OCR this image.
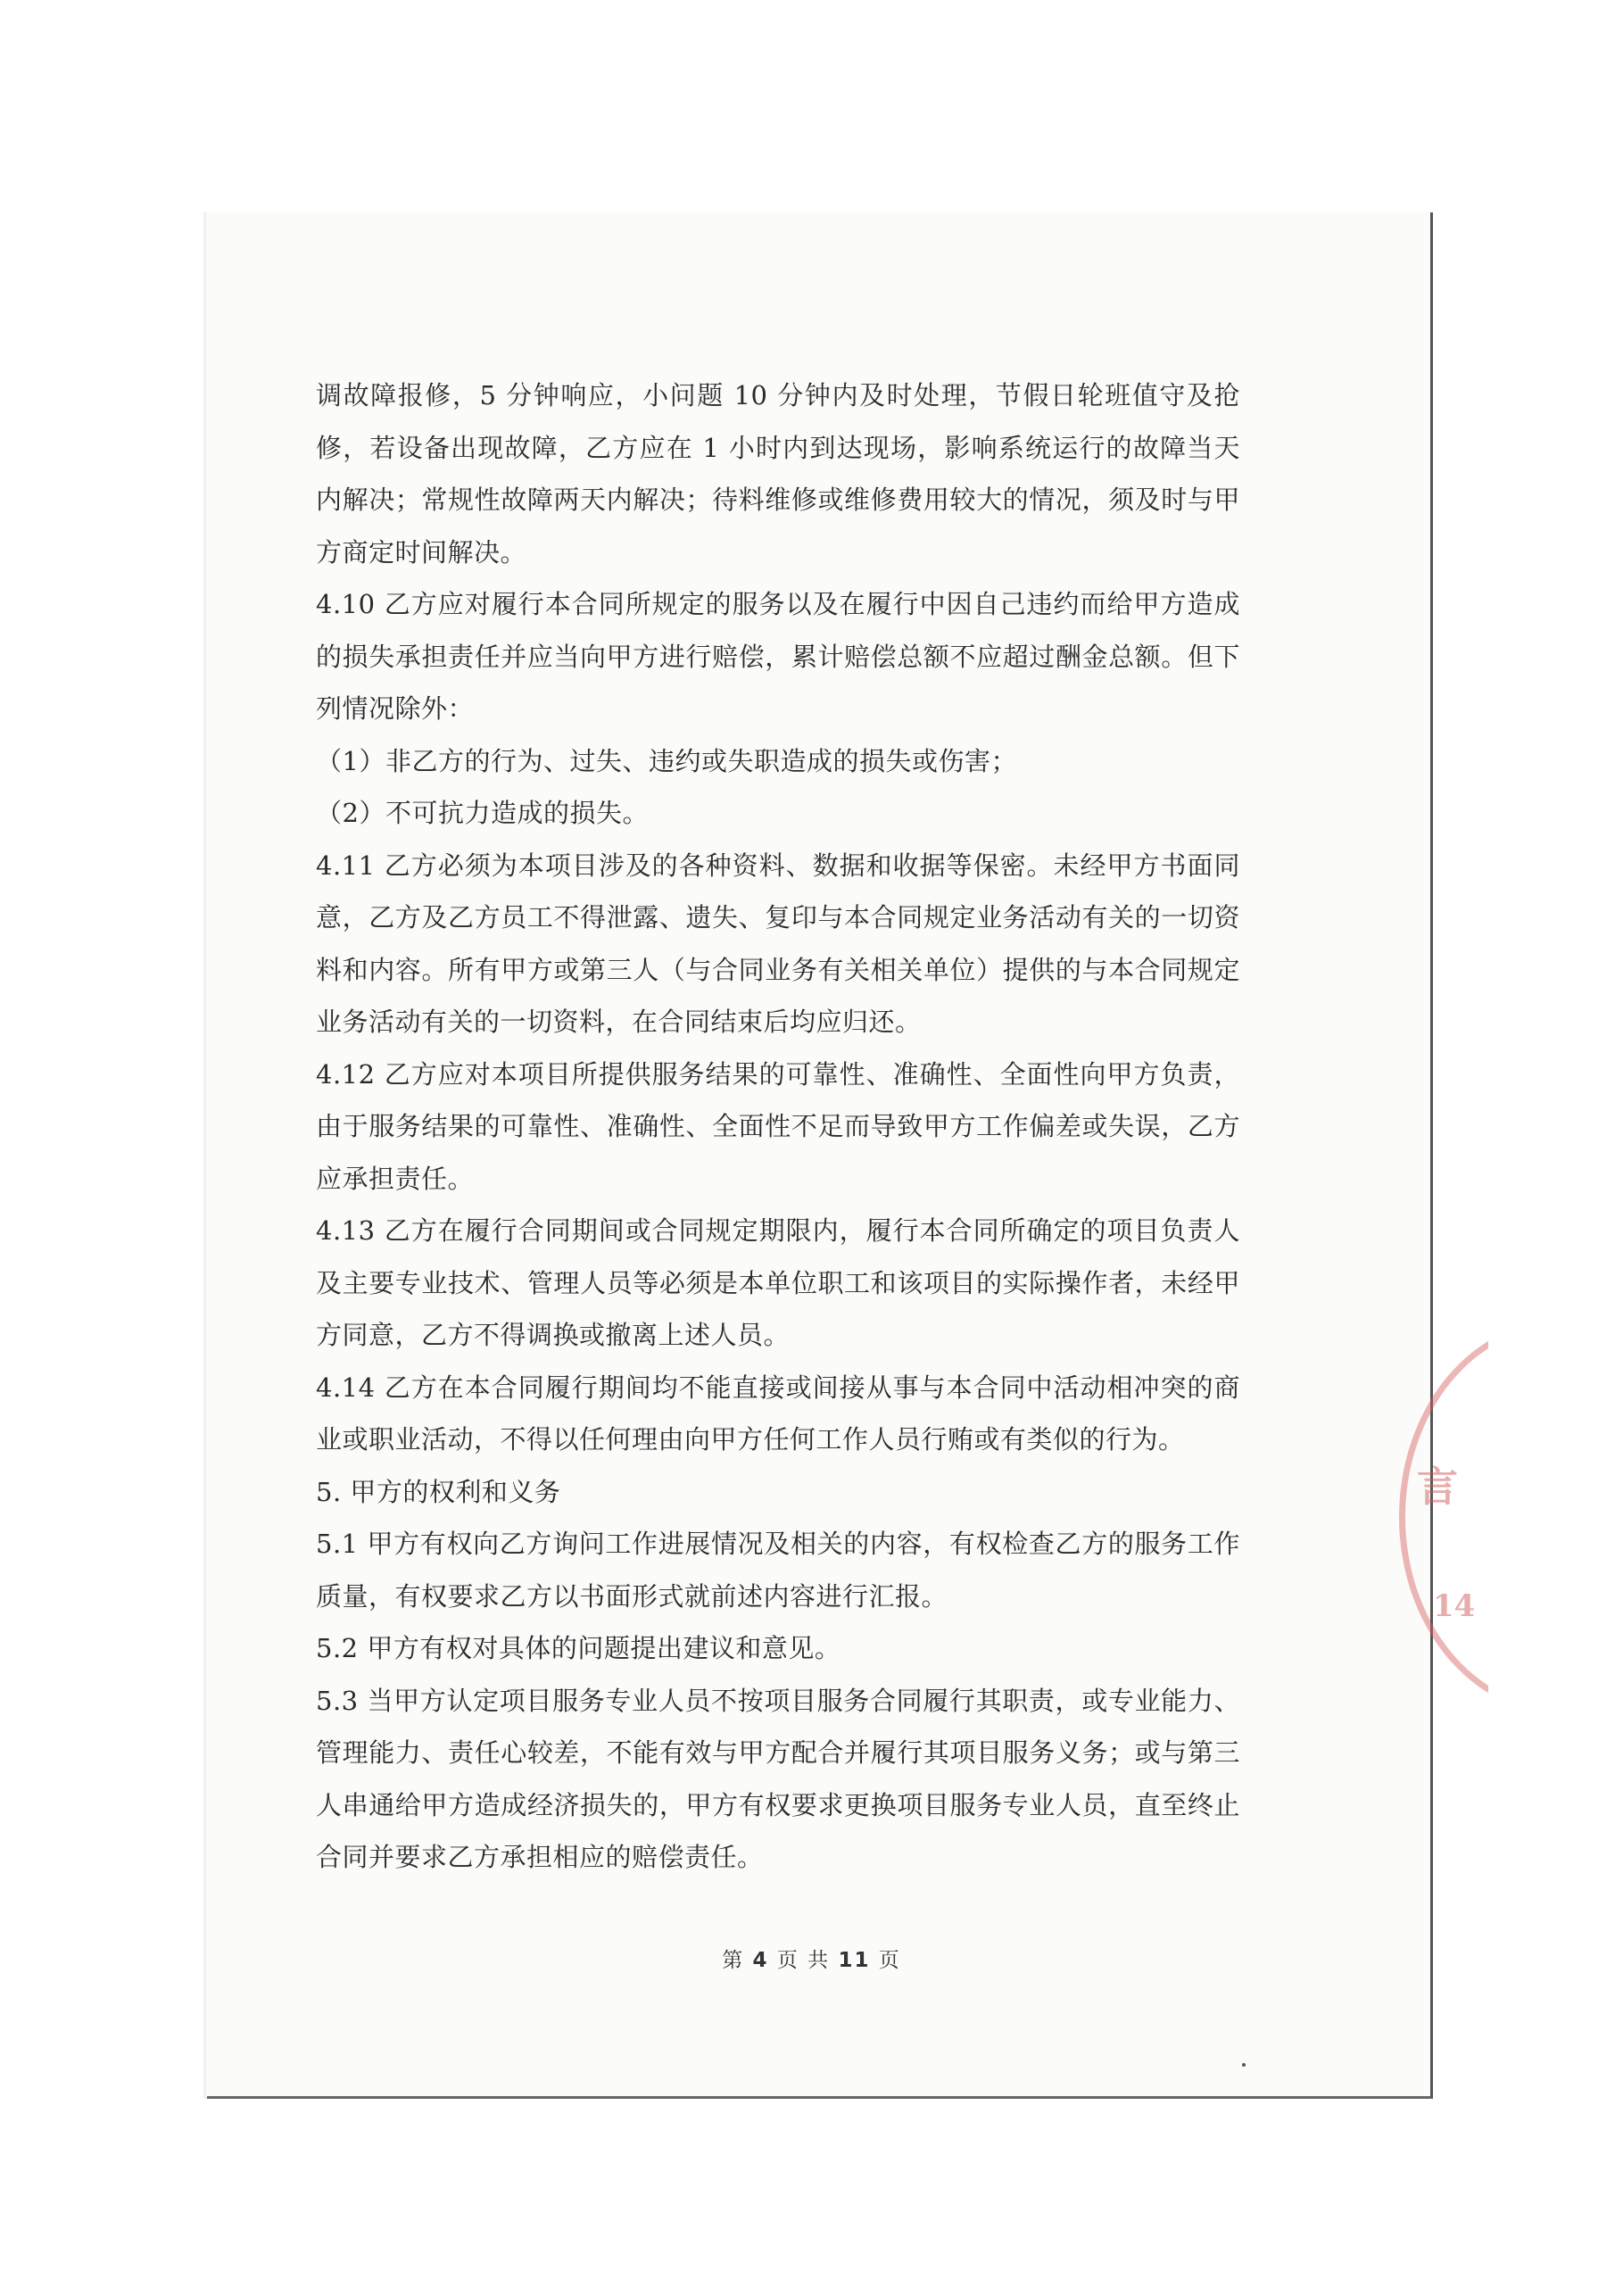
调故障报修，5 分钟响应，小问题 10 分钟内及时处理，节假日轮班值守及抢修，若设备出现故障，乙方应在 1 小时内到达现场，影响系统运行的故障当天内解决；常规性故障两天内解决；待料维修或维修费用较大的情况，须及时与甲方商定时间解决。

4.10 乙方应对履行本合同所规定的服务以及在履行中因自己违约而给甲方造成的损失承担责任并应当向甲方进行赔偿，累计赔偿总额不应超过酬金总额。但下列情况除外：

（1）非乙方的行为、过失、违约或失职造成的损失或伤害；

（2）不可抗力造成的损失。

4.11 乙方必须为本项目涉及的各种资料、数据和收据等保密。未经甲方书面同意，乙方及乙方员工不得泄露、遗失、复印与本合同规定业务活动有关的一切资料和内容。所有甲方或第三人（与合同业务有关相关单位）提供的与本合同规定业务活动有关的一切资料，在合同结束后均应归还。

4.12 乙方应对本项目所提供服务结果的可靠性、准确性、全面性向甲方负责，由于服务结果的可靠性、准确性、全面性不足而导致甲方工作偏差或失误，乙方应承担责任。

4.13 乙方在履行合同期间或合同规定期限内，履行本合同所确定的项目负责人及主要专业技术、管理人员等必须是本单位职工和该项目的实际操作者，未经甲方同意，乙方不得调换或撤离上述人员。

4.14 乙方在本合同履行期间均不能直接或间接从事与本合同中活动相冲突的商业或职业活动，不得以任何理由向甲方任何工作人员行贿或有类似的行为。

5. 甲方的权利和义务

5.1 甲方有权向乙方询问工作进展情况及相关的内容，有权检查乙方的服务工作质量，有权要求乙方以书面形式就前述内容进行汇报。

5.2 甲方有权对具体的问题提出建议和意见。

5.3 当甲方认定项目服务专业人员不按项目服务合同履行其职责，或专业能力、管理能力、责任心较差，不能有效与甲方配合并履行其项目服务义务；或与第三人串通给甲方造成经济损失的，甲方有权要求更换项目服务专业人员，直至终止合同并要求乙方承担相应的赔偿责任。

第 4 页 共 11 页
言
14
